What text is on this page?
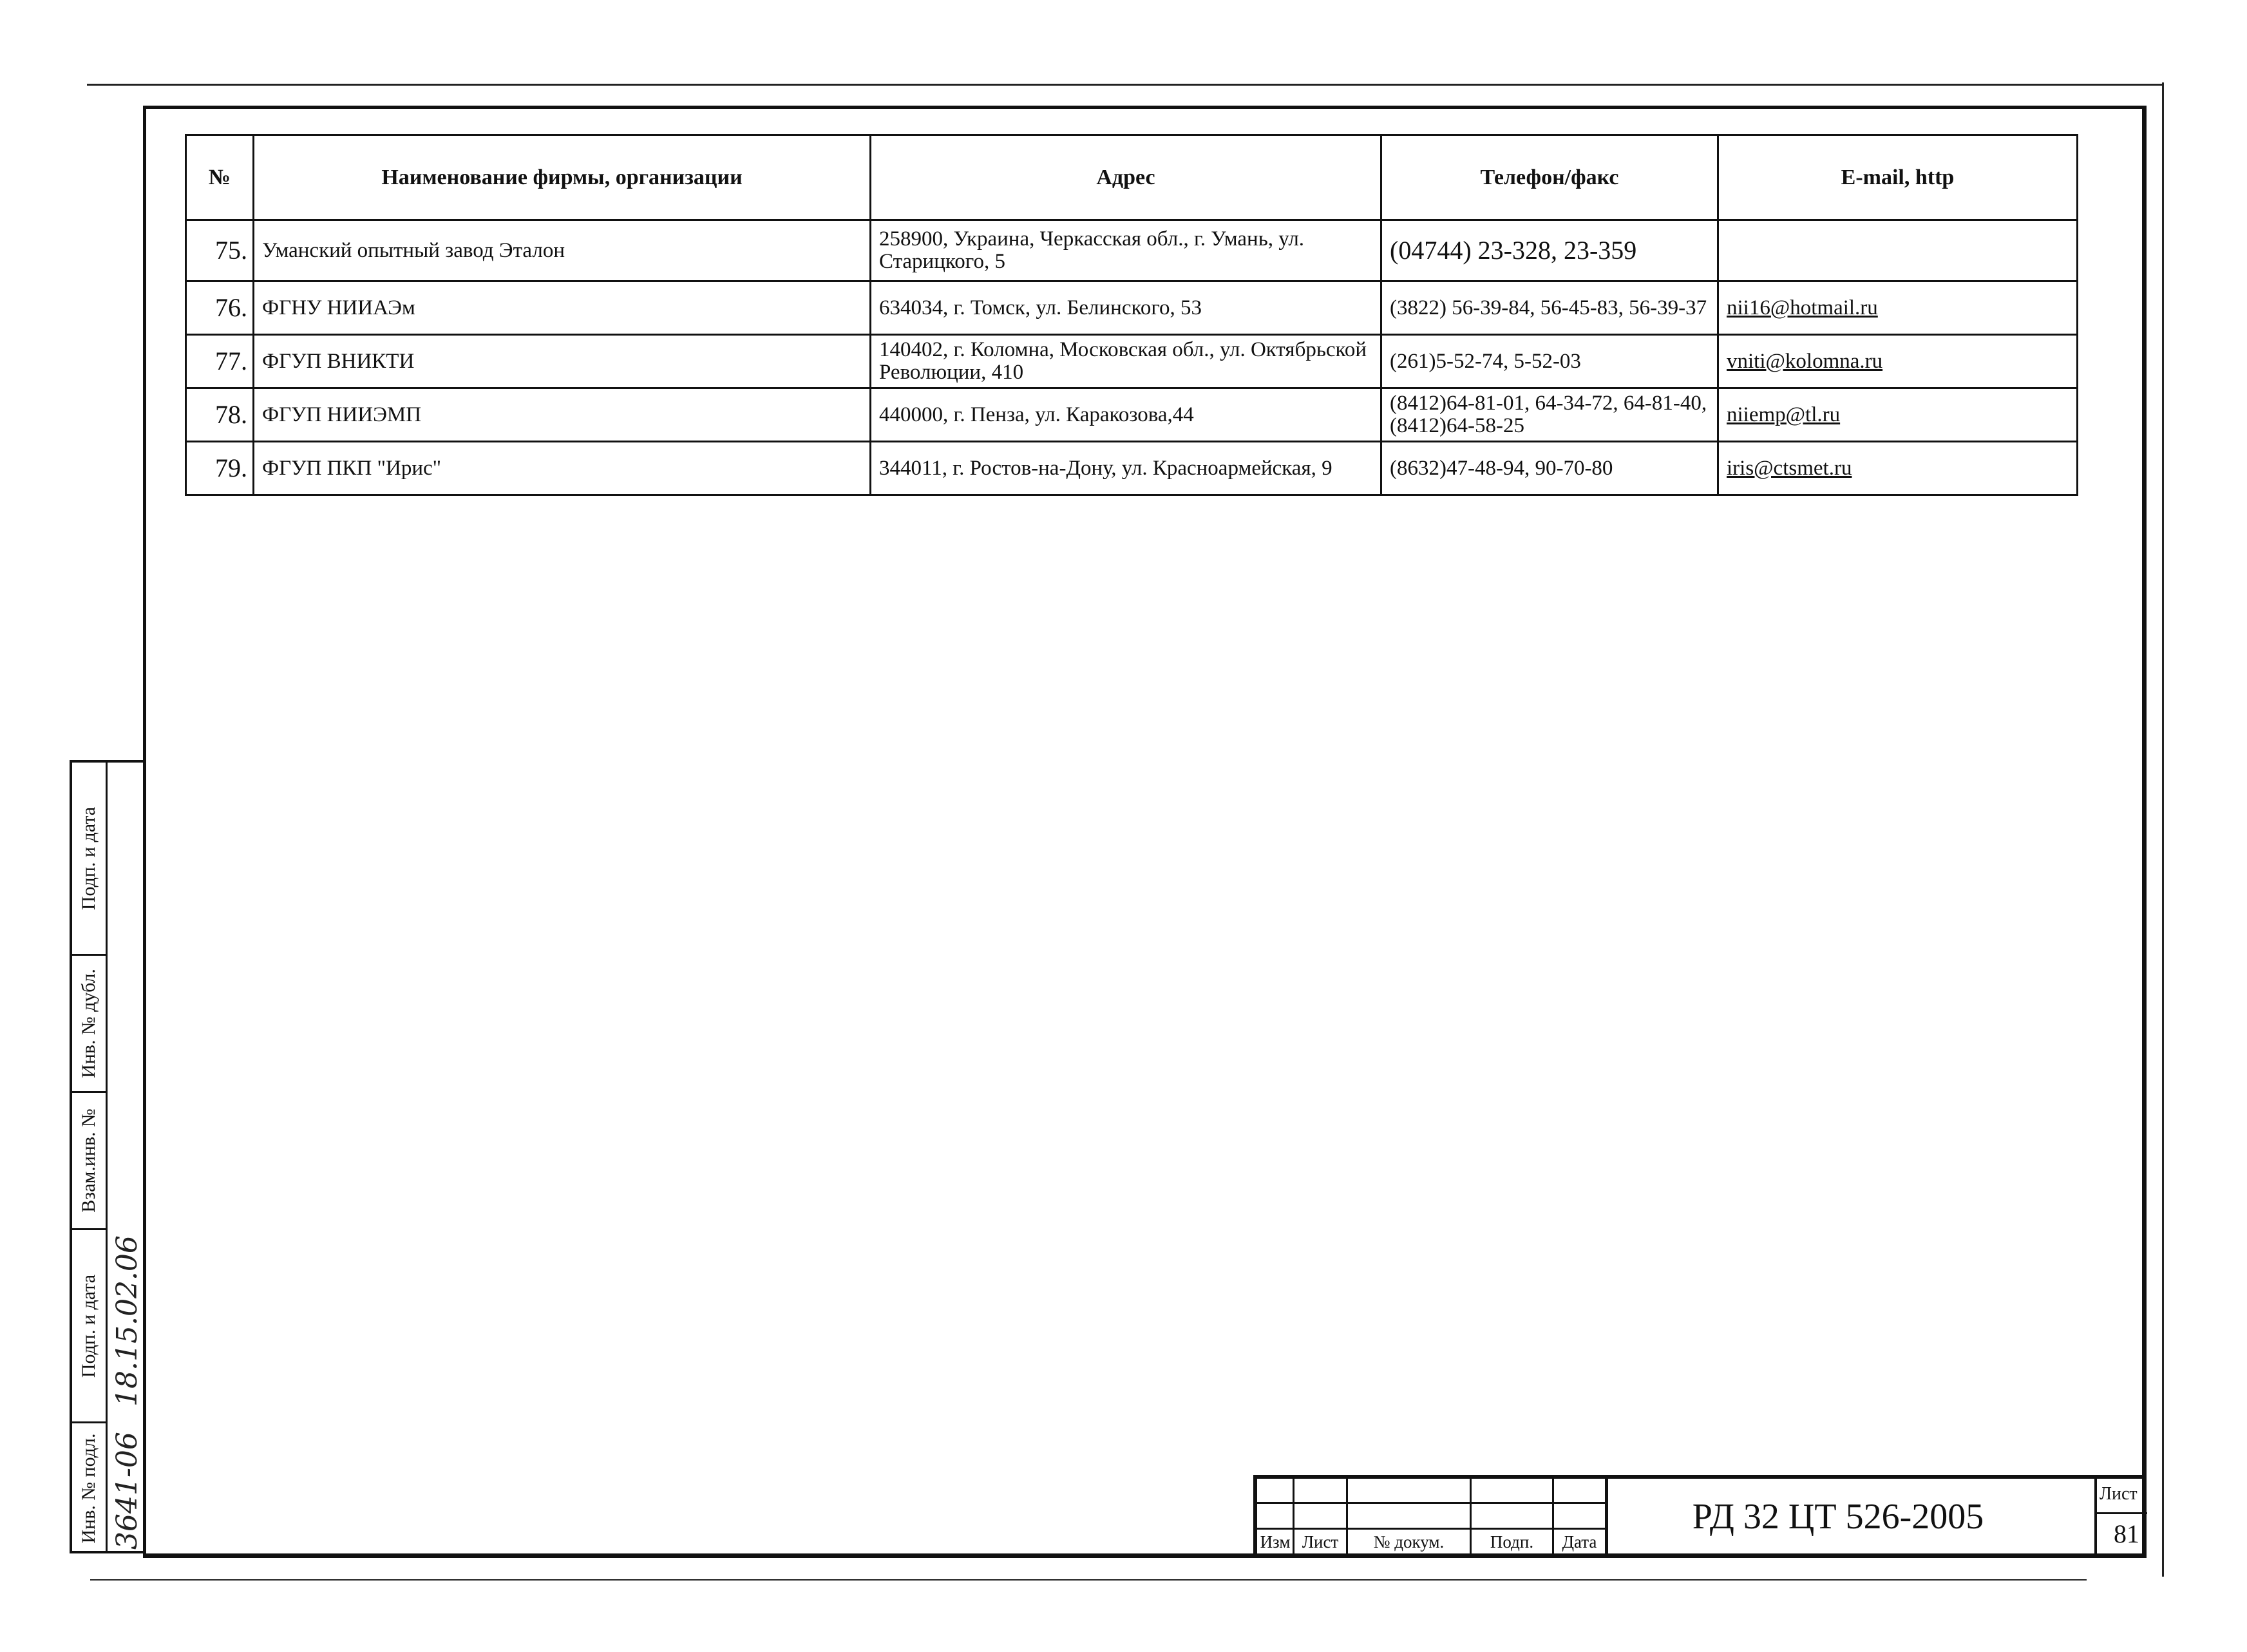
№	Наименование фирмы, организации	Адрес	Телефон/факс	E-mail, http
75.	Уманский опытный завод Эталон	258900, Украина, Черкасская обл., г. Умань, ул. Старицкого, 5	(04744) 23-328, 23-359	
76.	ФГНУ НИИАЭм	634034, г. Томск, ул. Белинского, 53	(3822) 56-39-84, 56-45-83, 56-39-37	nii16@hotmail.ru
77.	ФГУП ВНИКТИ	140402, г. Коломна, Московская обл., ул. Октябрьской Революции, 410	(261)5-52-74, 5-52-03	vniti@kolomna.ru
78.	ФГУП НИИЭМП	440000, г. Пенза, ул. Каракозова,44	(8412)64-81-01, 64-34-72, 64-81-40, (8412)64-58-25	niiemp@tl.ru
79.	ФГУП ПКП "Ирис"	344011, г. Ростов-на-Дону, ул. Красноармейская, 9	(8632)47-48-94, 90-70-80	iris@ctsmet.ru
Подп. и дата
Инв. № дубл.
Взам.инв. №
Подп. и дата
Инв. № подл.
18.15.02.06
3641-06	Изм Лист	№ докум.	Подп.	Дата
РД 32 ЦТ 526-2005
Лист
81
